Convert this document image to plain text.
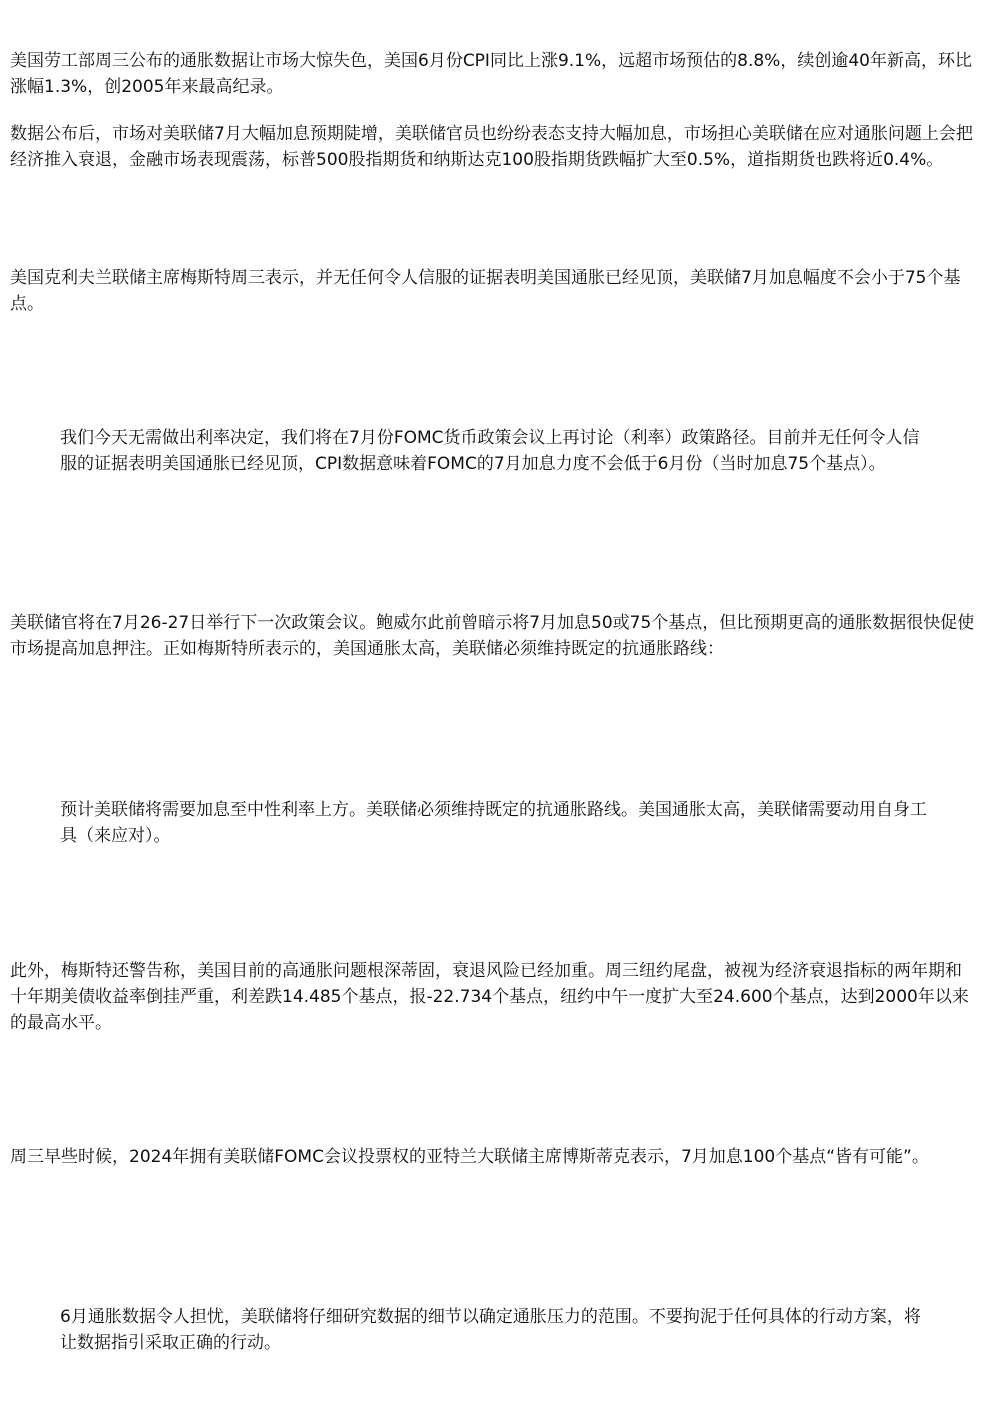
美国劳工部周三公布的通胀数据让市场大惊失色，美国6月份CPI同比上涨9.1%，远超市场预估的8.8%，续创逾40年新高，环比涨幅1.3%，创2005年来最高纪录。

数据公布后，市场对美联储7月大幅加息预期陡增，美联储官员也纷纷表态支持大幅加息，市场担心美联储在应对通胀问题上会把经济推入衰退，金融市场表现震荡，标普500股指期货和纳斯达克100股指期货跌幅扩大至0.5%，道指期货也跌将近0.4%。

美国克利夫兰联储主席梅斯特周三表示，并无任何令人信服的证据表明美国通胀已经见顶，美联储7月加息幅度不会小于75个基点。

我们今天无需做出利率决定，我们将在7月份FOMC货币政策会议上再讨论（利率）政策路径。目前并无任何令人信服的证据表明美国通胀已经见顶，CPI数据意味着FOMC的7月加息力度不会低于6月份（当时加息75个基点）。

美联储官将在7月26-27日举行下一次政策会议。鲍威尔此前曾暗示将7月加息50或75个基点，但比预期更高的通胀数据很快促使市场提高加息押注。正如梅斯特所表示的，美国通胀太高，美联储必须维持既定的抗通胀路线：

预计美联储将需要加息至中性利率上方。美联储必须维持既定的抗通胀路线。美国通胀太高，美联储需要动用自身工具（来应对）。

此外，梅斯特还警告称，美国目前的高通胀问题根深蒂固，衰退风险已经加重。周三纽约尾盘，被视为经济衰退指标的两年期和十年期美债收益率倒挂严重，利差跌14.485个基点，报-22.734个基点，纽约中午一度扩大至24.600个基点，达到2000年以来的最高水平。

周三早些时候，2024年拥有美联储FOMC会议投票权的亚特兰大联储主席博斯蒂克表示，7月加息100个基点“皆有可能”。

6月通胀数据令人担忧，美联储将仔细研究数据的细节以确定通胀压力的范围。不要拘泥于任何具体的行动方案，将让数据指引采取正确的行动。
